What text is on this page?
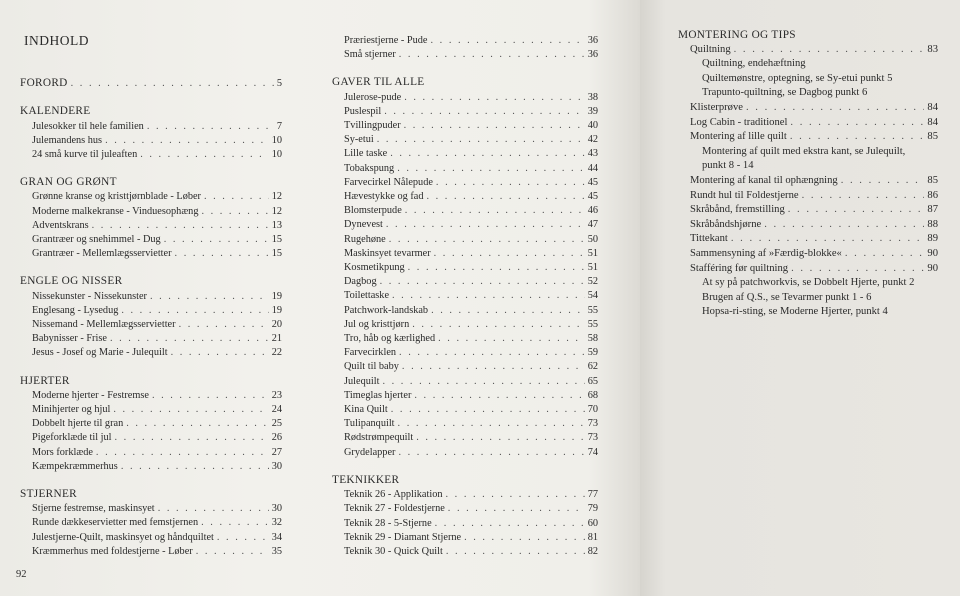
INDHOLD
FORORD . . .	5
KALENDERE
Julesokker til hele familien . . .	7
Julemandens hus . . .	10
24 små kurve til juleaften . . .	10
GRAN OG GRØNT
Grønne kranse og kristtjørnblade - Løber . . .	12
Moderne malkekranse - Vinduesophæng . . .	12
Adventskrans . . .	13
Grantræer og snehimmel - Dug . . .	15
Grantræer - Mellemlægsservietter . . .	15
ENGLE OG NISSER
Nissekunster - Nissekunster . . .	19
Englesang - Lysedug . . .	19
Nissemand - Mellemlægsservietter . . .	20
Babynisser - Frise . . .	21
Jesus - Josef og Marie - Julequilt . . .	22
HJERTER
Moderne hjerter - Festremse . . .	23
Minihjerter og hjul . . .	24
Dobbelt hjerte til gran . . .	25
Pigeforklæde til jul . . .	26
Mors forklæde . . .	27
Kæmpekræmmerhus . . .	30
STJERNER
Stjerne festremse, maskinsyet . . .	30
Runde dækkeservietter med femstjernen . . .	32
Julestjerne-Quilt, maskinsyet og håndquiltet . . .	34
Kræmmerhus med foldestjerne - Løber . . .	35
Præriestjerne - Pude . . .	36
Små stjerner . . .	36
GAVER TIL ALLE
Julerose-pude . . .	38
Puslespil . . .	39
Tvillingpuder . . .	40
Sy-etui . . .	42
Lille taske . . .	43
Tobakspung . . .	44
Farvecirkel Nålepude . . .	45
Hævestykke og fad . . .	45
Blomsterpude . . .	46
Dynevest . . .	47
Rugehøne . . .	50
Maskinsyet tevarmer . . .	51
Kosmetikpung . . .	51
Dagbog . . .	52
Toilettaske . . .	54
Patchwork-landskab . . .	55
Jul og kristtjørn . . .	55
Tro, håb og kærlighed . . .	58
Farvecirklen . . .	59
Quilt til baby . . .	62
Julequilt . . .	65
Timeglas hjerter . . .	68
Kina Quilt . . .	70
Tulipanquilt . . .	73
Rødstrømpequilt . . .	73
Grydelapper . . .	74
TEKNIKKER
Teknik 26 - Applikation . . .	77
Teknik 27 - Foldestjerne . . .	79
Teknik 28 - 5-Stjerne . . .	60
Teknik 29 - Diamant Stjerne . . .	81
Teknik 30 - Quick Quilt . . .	82
MONTERING OG TIPS
Quiltning . . .	83
Quiltning, endehæftning
Quiltemønstre, optegning, se Sy-etui punkt 5
Trapunto-quiltning, se Dagbog punkt 6
Klisterprøve . . .	84
Log Cabin - traditionel . . .	84
Montering af lille quilt . . .	85
Montering af quilt med ekstra kant, se Julequilt,
punkt 8 - 14
Montering af kanal til ophængning . . .	85
Rundt hul til Foldestjerne . . .	86
Skråbånd, fremstilling . . .	87
Skråbåndshjørne . . .	88
Tittekant . . .	89
Sammensyning af »Færdig-blokke« . . .	90
Stafféring før quiltning . . .	90
At sy på patchworkvis, se Dobbelt Hjerte, punkt 2
Brugen af Q.S., se Tevarmer punkt 1 - 6
Hopsa-ri-sting, se Moderne Hjerter, punkt 4
92
